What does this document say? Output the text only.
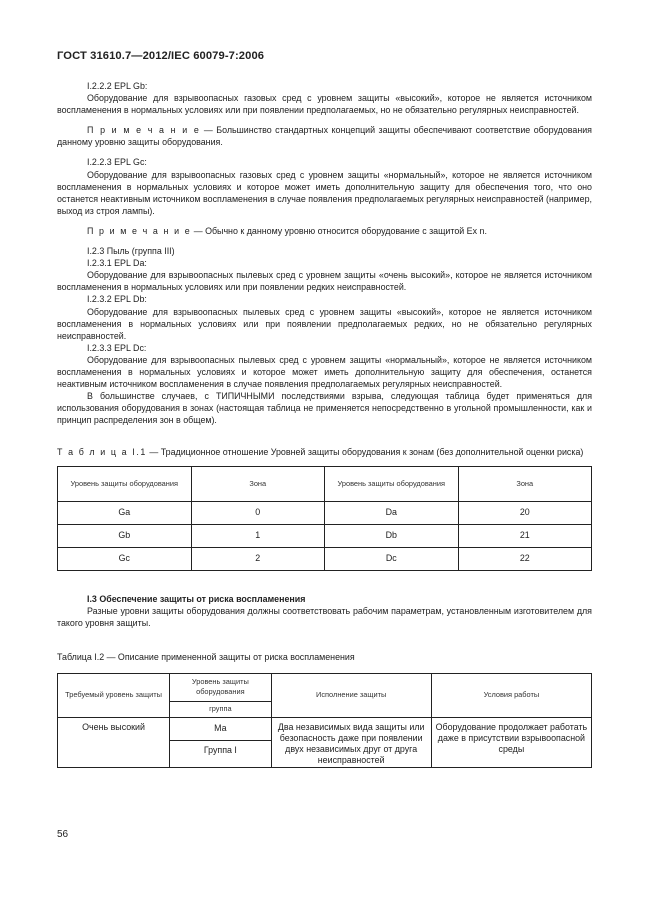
ГОСТ 31610.7—2012/IEC 60079-7:2006

I.2.2.2 EPL Gb:

Оборудование для взрывоопасных газовых сред с уровнем защиты «высокий», которое не является источником воспламенения в нормальных условиях или при появлении предполагаемых, но не обязательно регулярных неисправностей.

П р и м е ч а н и е — Большинство стандартных концепций защиты обеспечивают соответствие оборудования данному уровню защиты оборудования.

I.2.2.3 EPL Gc:

Оборудование для взрывоопасных газовых сред с уровнем защиты «нормальный», которое не является источником воспламенения в нормальных условиях и которое может иметь дополнительную защиту для обеспечения того, что оно останется неактивным источником воспламенения в случае появления предполагаемых регулярных неисправностей (например, выход из строя лампы).

П р и м е ч а н и е — Обычно к данному уровню относится оборудование с защитой Ex n.

I.2.3 Пыль (группа III)

I.2.3.1 EPL Da:

Оборудование для взрывоопасных пылевых сред с уровнем защиты «очень высокий», которое не является источником воспламенения в нормальных условиях или при появлении редких неисправностей.

I.2.3.2 EPL Db:

Оборудование для взрывоопасных пылевых сред с уровнем защиты «высокий», которое не является источником воспламенения в нормальных условиях или при появлении предполагаемых редких, но не обязательно регулярных неисправностей.

I.2.3.3 EPL Dc:

Оборудование для взрывоопасных пылевых сред с уровнем защиты «нормальный», которое не является источником воспламенения в нормальных условиях и которое может иметь дополнительную защиту для обеспечения, останется неактивным источником воспламенения в случае появления предполагаемых регулярных неисправностей.

В большинстве случаев, с ТИПИЧНЫМИ последствиями взрыва, следующая таблица будет применяться для использования оборудования в зонах (настоящая таблица не применяется непосредственно в угольной промышленности, как и принцип распределения зон в общем).

Т а б л и ц а I.1 — Традиционное отношение Уровней защиты оборудования к зонам (без дополнительной оценки риска)

Уровень защиты оборудования	Зона	Уровень защиты оборудования	Зона
Ga	0	Da	20
Gb	1	Db	21
Gc	2	Dc	22

I.3 Обеспечение защиты от риска воспламенения

Разные уровни защиты оборудования должны соответствовать рабочим параметрам, установленным изготовителем для такого уровня защиты.

Таблица I.2 — Описание примененной защиты от риска воспламенения

Требуемый уровень защиты	Уровень защиты оборудования	Исполнение защиты	Условия работы
	группа		
Очень высокий	Ma	Два независимых вида защиты или безопасность даже при появлении двух независимых друг от друга неисправностей	Оборудование продолжает работать даже в присутствии взрывоопасной среды
	Группа I		
56
